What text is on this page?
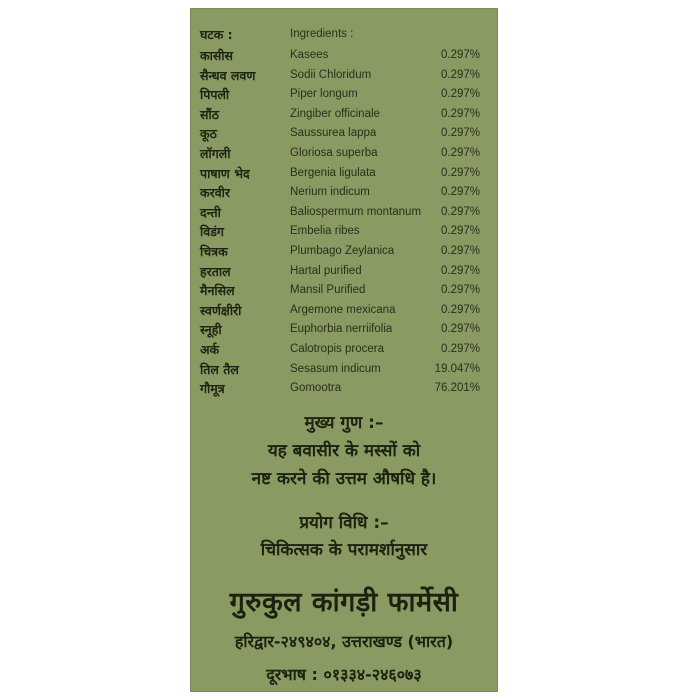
घटक :	Ingredients :
कासीस	Kasees	0.297%
सैन्धव लवण	Sodii Chloridum	0.297%
पिपली	Piper longum	0.297%
सौंठ	Zingiber officinale	0.297%
कूठ	Saussurea lappa	0.297%
लॉगली	Gloriosa superba	0.297%
पाषाण भेद	Bergenia ligulata	0.297%
करवीर	Nerium indicum	0.297%
दन्ती	Baliospermum montanum 0.297%
विडंग	Embelia ribes	0.297%
चित्रक	Plumbago Zeylanica	0.297%
हरताल	Hartal purified	0.297%
मैनसिल	Mansil Purified	0.297%
स्वर्णक्षीरी	Argemone mexicana	0.297%
स्नूही	Euphorbia nerriifolia	0.297%
अर्क	Calotropis procera	0.297%
तिल तैल	Sesasum indicum	19.047%
गौमूत्र	Gomootra	76.201%
मुख्य गुण :–
यह बवासीर के मस्सों को
नष्ट करने की उत्तम औषधि है।
प्रयोग विधि :–
चिकित्सक के परामर्शानुसार
गुरुकुल कांगड़ी फार्मेसी
हरिद्वार-२४९४०४, उत्तराखण्ड (भारत)
दूरभाष : ०१३३४-२४६०७३
